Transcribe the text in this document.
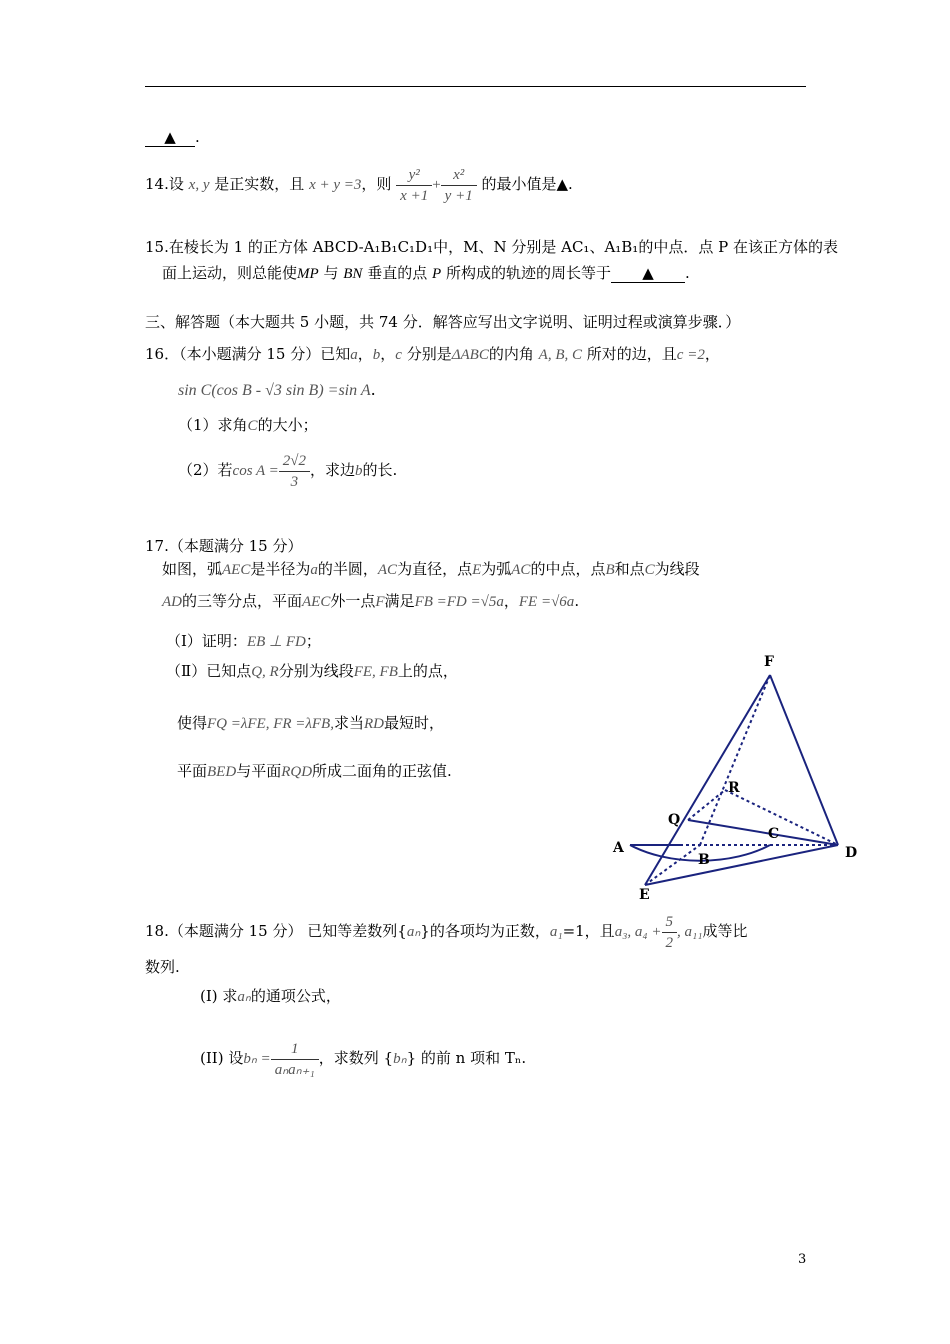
▲ .
14.设 x, y 是正实数，且 x + y =3，则 $\frac{\text{y²}}{x +1} + \frac{\text{x²}}{y +1}$ 的最小值是▲.
15.在棱长为 1 的正方体 ABCD-A₁B₁C₁D₁中，M、N 分别是 AC₁、A₁B₁的中点．点 P 在该正方体的表
面上运动，则总能使MP 与 BN 垂直的点 P 所构成的轨迹的周长等于 ▲ .
三、解答题（本大题共 5 小题，共 74 分．解答应写出文字说明、证明过程或演算步骤．）
16．（本小题满分 15 分）已知a，b，c 分别是ΔABC的内角 A, B, C 所对的边，且c =2，
sin C(cos B - √3 sin B) =sin A.
（1）求角C的大小；
（2）若$\cos A = \frac{2√2}{3}$ ，求边b的长.
17.（本题满分 15 分）
如图，弧AEC是半径为a的半圆，AC为直径，点E为弧AC的中点，点B和点C为线段
AD的三等分点，平面AEC外一点F满足FB =FD =√5a，FE =√6a.
（Ⅰ）证明：EB ⊥ FD；
（Ⅱ）已知点Q, R分别为线段FE, FB上的点，
使得FQ =λFE, FR =λFB,求当RD最短时，
平面BED与平面RQD所成二面角的正弦值.
F
R
Q
C
A
B	D
E
18.（本题满分 15 分） 已知等差数列{aₙ}的各项均为正数，a₁=1，且a₃, $a_4 + \frac{5}{2}$ , a₁₁成等比
数列.
(I) 求aₙ的通项公式，
(II) 设$b_n = \frac{1}{\text{aₙaₙ₊₁}}$ ，求数列 {bₙ} 的前 n 项和 Tₙ.
3
